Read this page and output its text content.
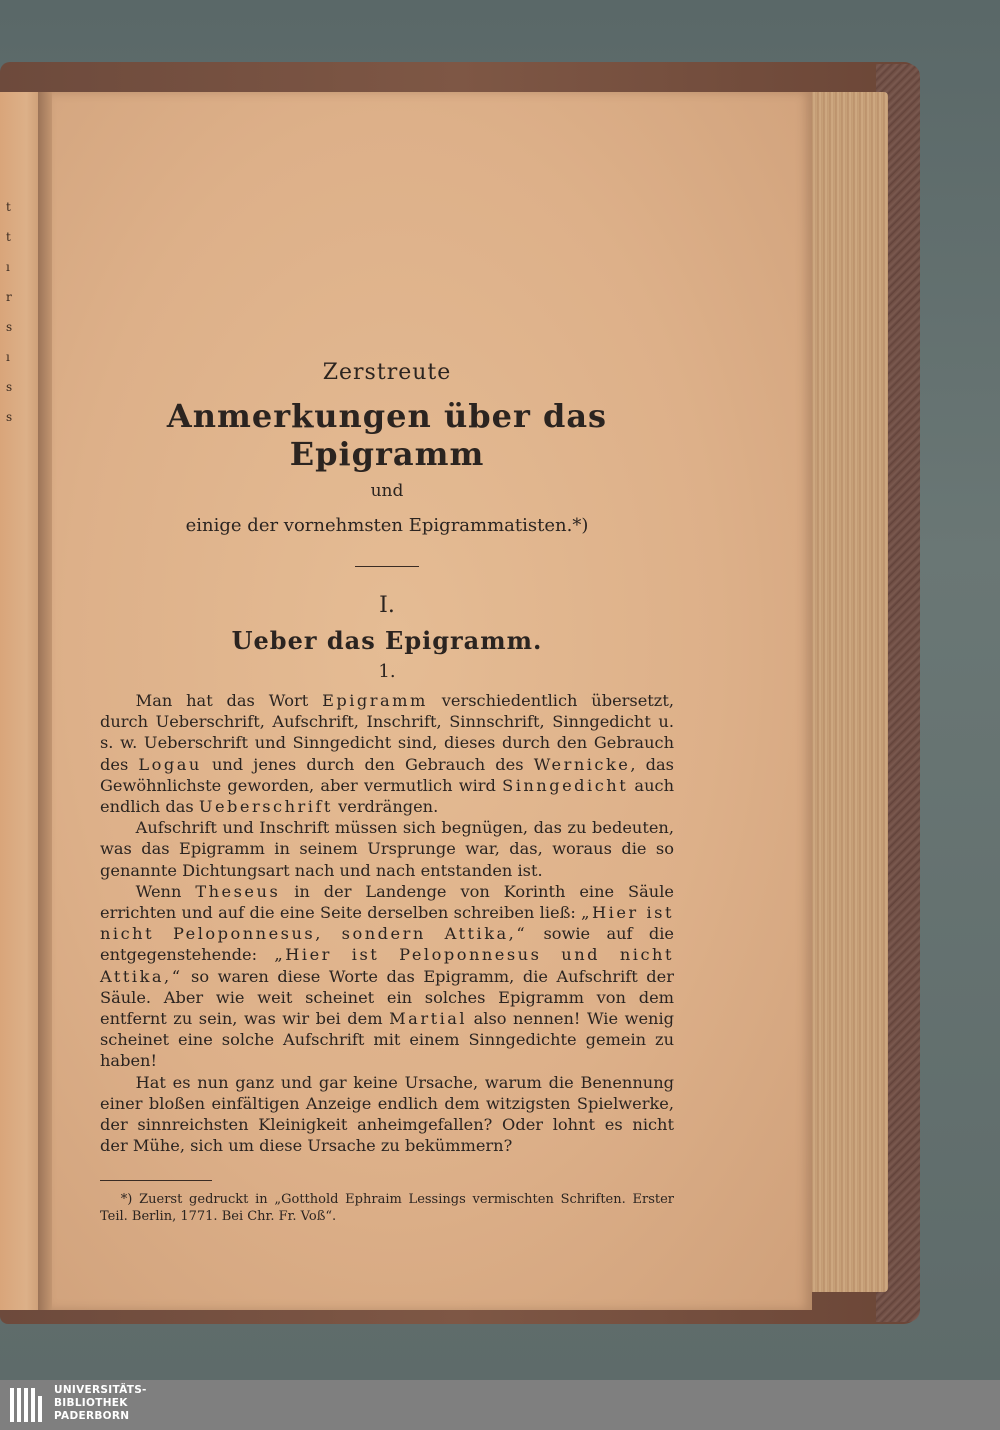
t
t
ı
r
s
ı
s
s

Zerstreute

Anmerkungen über das Epigramm

und

einige der vornehmsten Epigrammatisten.*)

I.

Ueber das Epigramm.

1.

Man hat das Wort Epigramm verschiedentlich übersetzt, durch Ueberschrift, Aufschrift, Inschrift, Sinnschrift, Sinngedicht u. s. w. Ueberschrift und Sinngedicht sind, dieses durch den Gebrauch des Logau und jenes durch den Gebrauch des Wernicke, das Gewöhnlichste geworden, aber vermutlich wird Sinngedicht auch endlich das Ueberschrift verdrängen.

Aufschrift und Inschrift müssen sich begnügen, das zu bedeuten, was das Epigramm in seinem Ursprunge war, das, woraus die so genannte Dichtungsart nach und nach entstanden ist.

Wenn Theseus in der Landenge von Korinth eine Säule errichten und auf die eine Seite derselben schreiben ließ: „Hier ist nicht Peloponnesus, sondern Attika,“ sowie auf die entgegenstehende: „Hier ist Peloponnesus und nicht Attika,“ so waren diese Worte das Epigramm, die Aufschrift der Säule. Aber wie weit scheinet ein solches Epigramm von dem entfernt zu sein, was wir bei dem Martial also nennen! Wie wenig scheinet eine solche Aufschrift mit einem Sinngedichte gemein zu haben!

Hat es nun ganz und gar keine Ursache, warum die Benennung einer bloßen einfältigen Anzeige endlich dem witzigsten Spielwerke, der sinnreichsten Kleinigkeit anheimgefallen? Oder lohnt es nicht der Mühe, sich um diese Ursache zu bekümmern?

*) Zuerst gedruckt in „Gotthold Ephraim Lessings vermischten Schriften. Erster Teil. Berlin, 1771. Bei Chr. Fr. Voß“.

UNIVERSITÄTS-
BIBLIOTHEK
PADERBORN
